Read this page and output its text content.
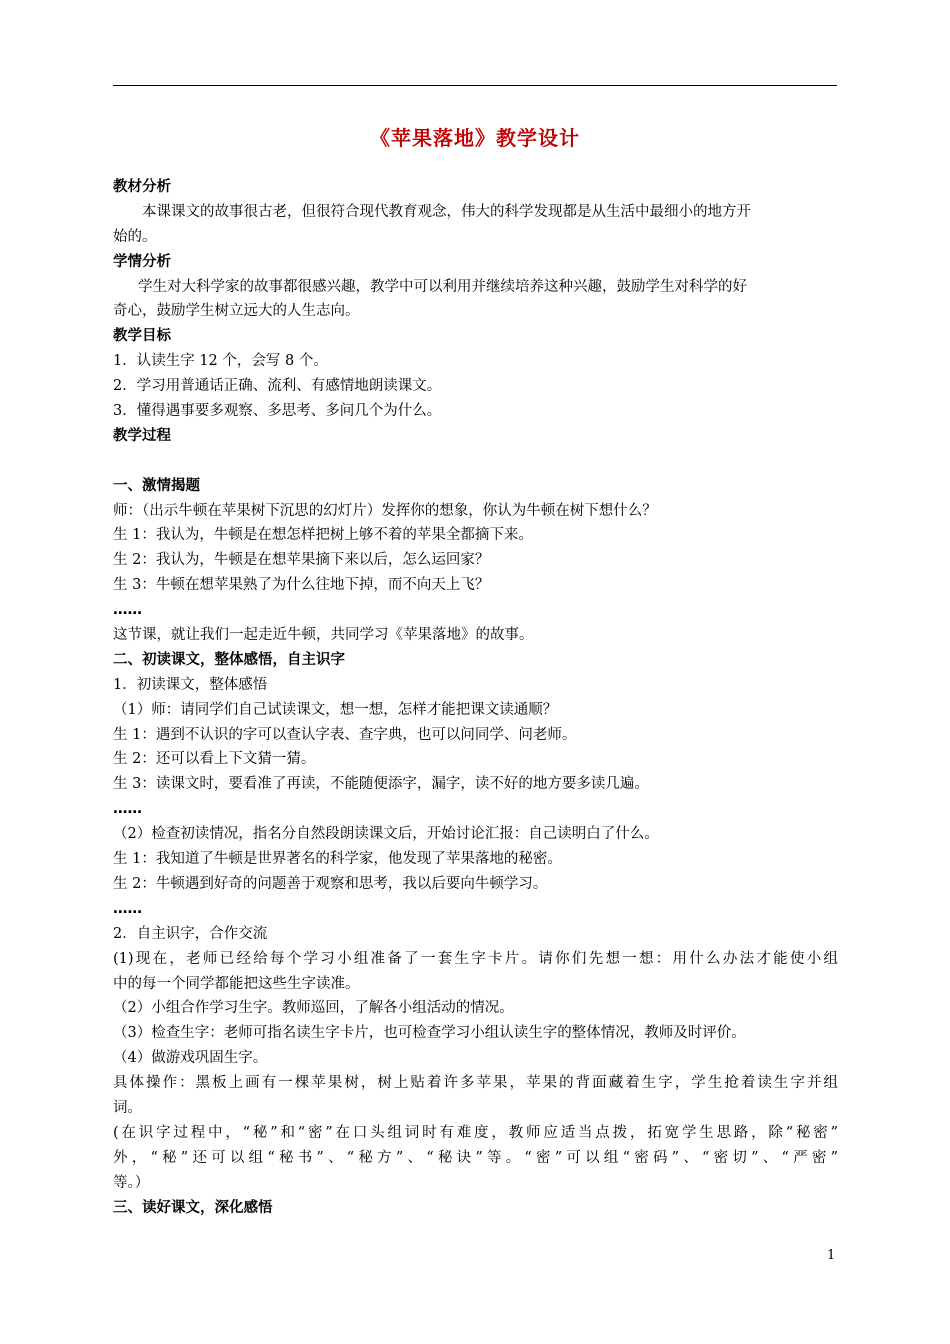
《苹果落地》教学设计
教材分析
本课课文的故事很古老，但很符合现代教育观念，伟大的科学发现都是从生活中最细小的地方开
始的。
学情分析
学生对大科学家的故事都很感兴趣，教学中可以利用并继续培养这种兴趣，鼓励学生对科学的好
奇心，鼓励学生树立远大的人生志向。
教学目标
1．认读生字 12 个，会写 8 个。
2．学习用普通话正确、流利、有感情地朗读课文。
3．懂得遇事要多观察、多思考、多问几个为什么。
教学过程
一、激情揭题
师：（出示牛顿在苹果树下沉思的幻灯片）发挥你的想象，你认为牛顿在树下想什么？
生 1：我认为，牛顿是在想怎样把树上够不着的苹果全都摘下来。
生 2：我认为，牛顿是在想苹果摘下来以后，怎么运回家？
生 3：牛顿在想苹果熟了为什么往地下掉，而不向天上飞？
……
这节课，就让我们一起走近牛顿，共同学习《苹果落地》的故事。
二、初读课文，整体感悟，自主识字
1．初读课文，整体感悟
（1）师：请同学们自己试读课文，想一想，怎样才能把课文读通顺？
生 1：遇到不认识的字可以查认字表、查字典，也可以问同学、问老师。
生 2：还可以看上下文猜一猜。
生 3：读课文时，要看准了再读，不能随便添字，漏字，读不好的地方要多读几遍。
……
（2）检查初读情况，指名分自然段朗读课文后，开始讨论汇报：自己读明白了什么。
生 1：我知道了牛顿是世界著名的科学家，他发现了苹果落地的秘密。
生 2：牛顿遇到好奇的问题善于观察和思考，我以后要向牛顿学习。
……
2．自主识字，合作交流
(1)现在，老师已经给每个学习小组准备了一套生字卡片。请你们先想一想：用什么办法才能使小组
中的每一个同学都能把这些生字读准。
（2）小组合作学习生字。教师巡回，了解各小组活动的情况。
（3）检查生字：老师可指名读生字卡片，也可检查学习小组认读生字的整体情况，教师及时评价。
（4）做游戏巩固生字。
具体操作：黑板上画有一棵苹果树，树上贴着许多苹果，苹果的背面藏着生字，学生抢着读生字并组
词。
(在识字过程中，“秘”和“密”在口头组词时有难度，教师应适当点拨，拓宽学生思路，除“秘密”
外，“秘”还可以组“秘书”、“秘方”、“秘诀”等。“密”可以组“密码”、“密切”、“严密”
等。）
三、读好课文，深化感悟
1
